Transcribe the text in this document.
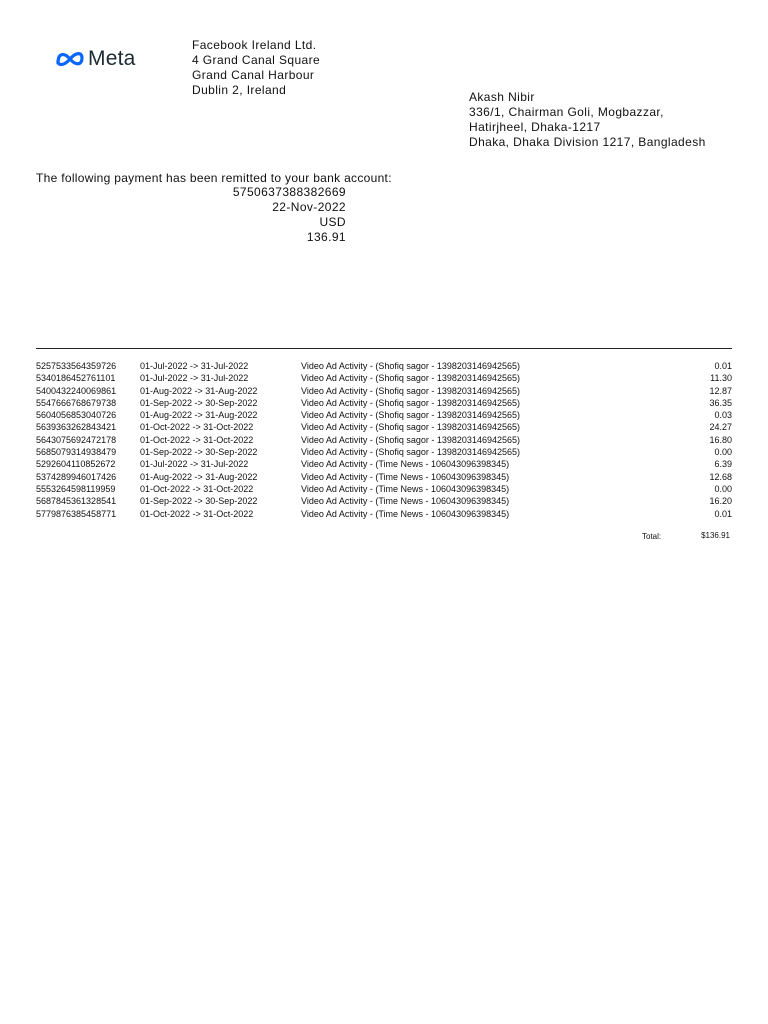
Meta
Facebook Ireland Ltd.
4 Grand Canal Square
Grand Canal Harbour
Dublin 2, Ireland	Akash Nibir
336/1, Chairman Goli, Mogbazzar,
Hatirjheel, Dhaka-1217
Dhaka, Dhaka Division 1217, Bangladesh
The following payment has been remitted to your bank account:
5750637388382669
22-Nov-2022
USD
136.91
5257533564359726	01-Jul-2022 -> 31-Jul-2022	Video Ad Activity - (Shofiq sagor - 1398203146942565)	0.01
5340186452761101	01-Jul-2022 -> 31-Jul-2022	Video Ad Activity - (Shofiq sagor - 1398203146942565)	11.30
5400432240069861	01-Aug-2022 -> 31-Aug-2022	Video Ad Activity - (Shofiq sagor - 1398203146942565)	12.87
5547666768679738	01-Sep-2022 -> 30-Sep-2022	Video Ad Activity - (Shofiq sagor - 1398203146942565)	36.35
5604056853040726	01-Aug-2022 -> 31-Aug-2022	Video Ad Activity - (Shofiq sagor - 1398203146942565)	0.03
5639363262843421	01-Oct-2022 -> 31-Oct-2022	Video Ad Activity - (Shofiq sagor - 1398203146942565)	24.27
5643075692472178	01-Oct-2022 -> 31-Oct-2022	Video Ad Activity - (Shofiq sagor - 1398203146942565)	16.80
5685079314938479	01-Sep-2022 -> 30-Sep-2022	Video Ad Activity - (Shofiq sagor - 1398203146942565)	0.00
5292604110852672	01-Jul-2022 -> 31-Jul-2022	Video Ad Activity - (Time News - 106043096398345)	6.39
5374289946017426	01-Aug-2022 -> 31-Aug-2022	Video Ad Activity - (Time News - 106043096398345)	12.68
5553264598119959	01-Oct-2022 -> 31-Oct-2022	Video Ad Activity - (Time News - 106043096398345)	0.00
5687845361328541	01-Sep-2022 -> 30-Sep-2022	Video Ad Activity - (Time News - 106043096398345)	16.20
5779876385458771	01-Oct-2022 -> 31-Oct-2022	Video Ad Activity - (Time News - 106043096398345)	0.01
Total:	$136.91
